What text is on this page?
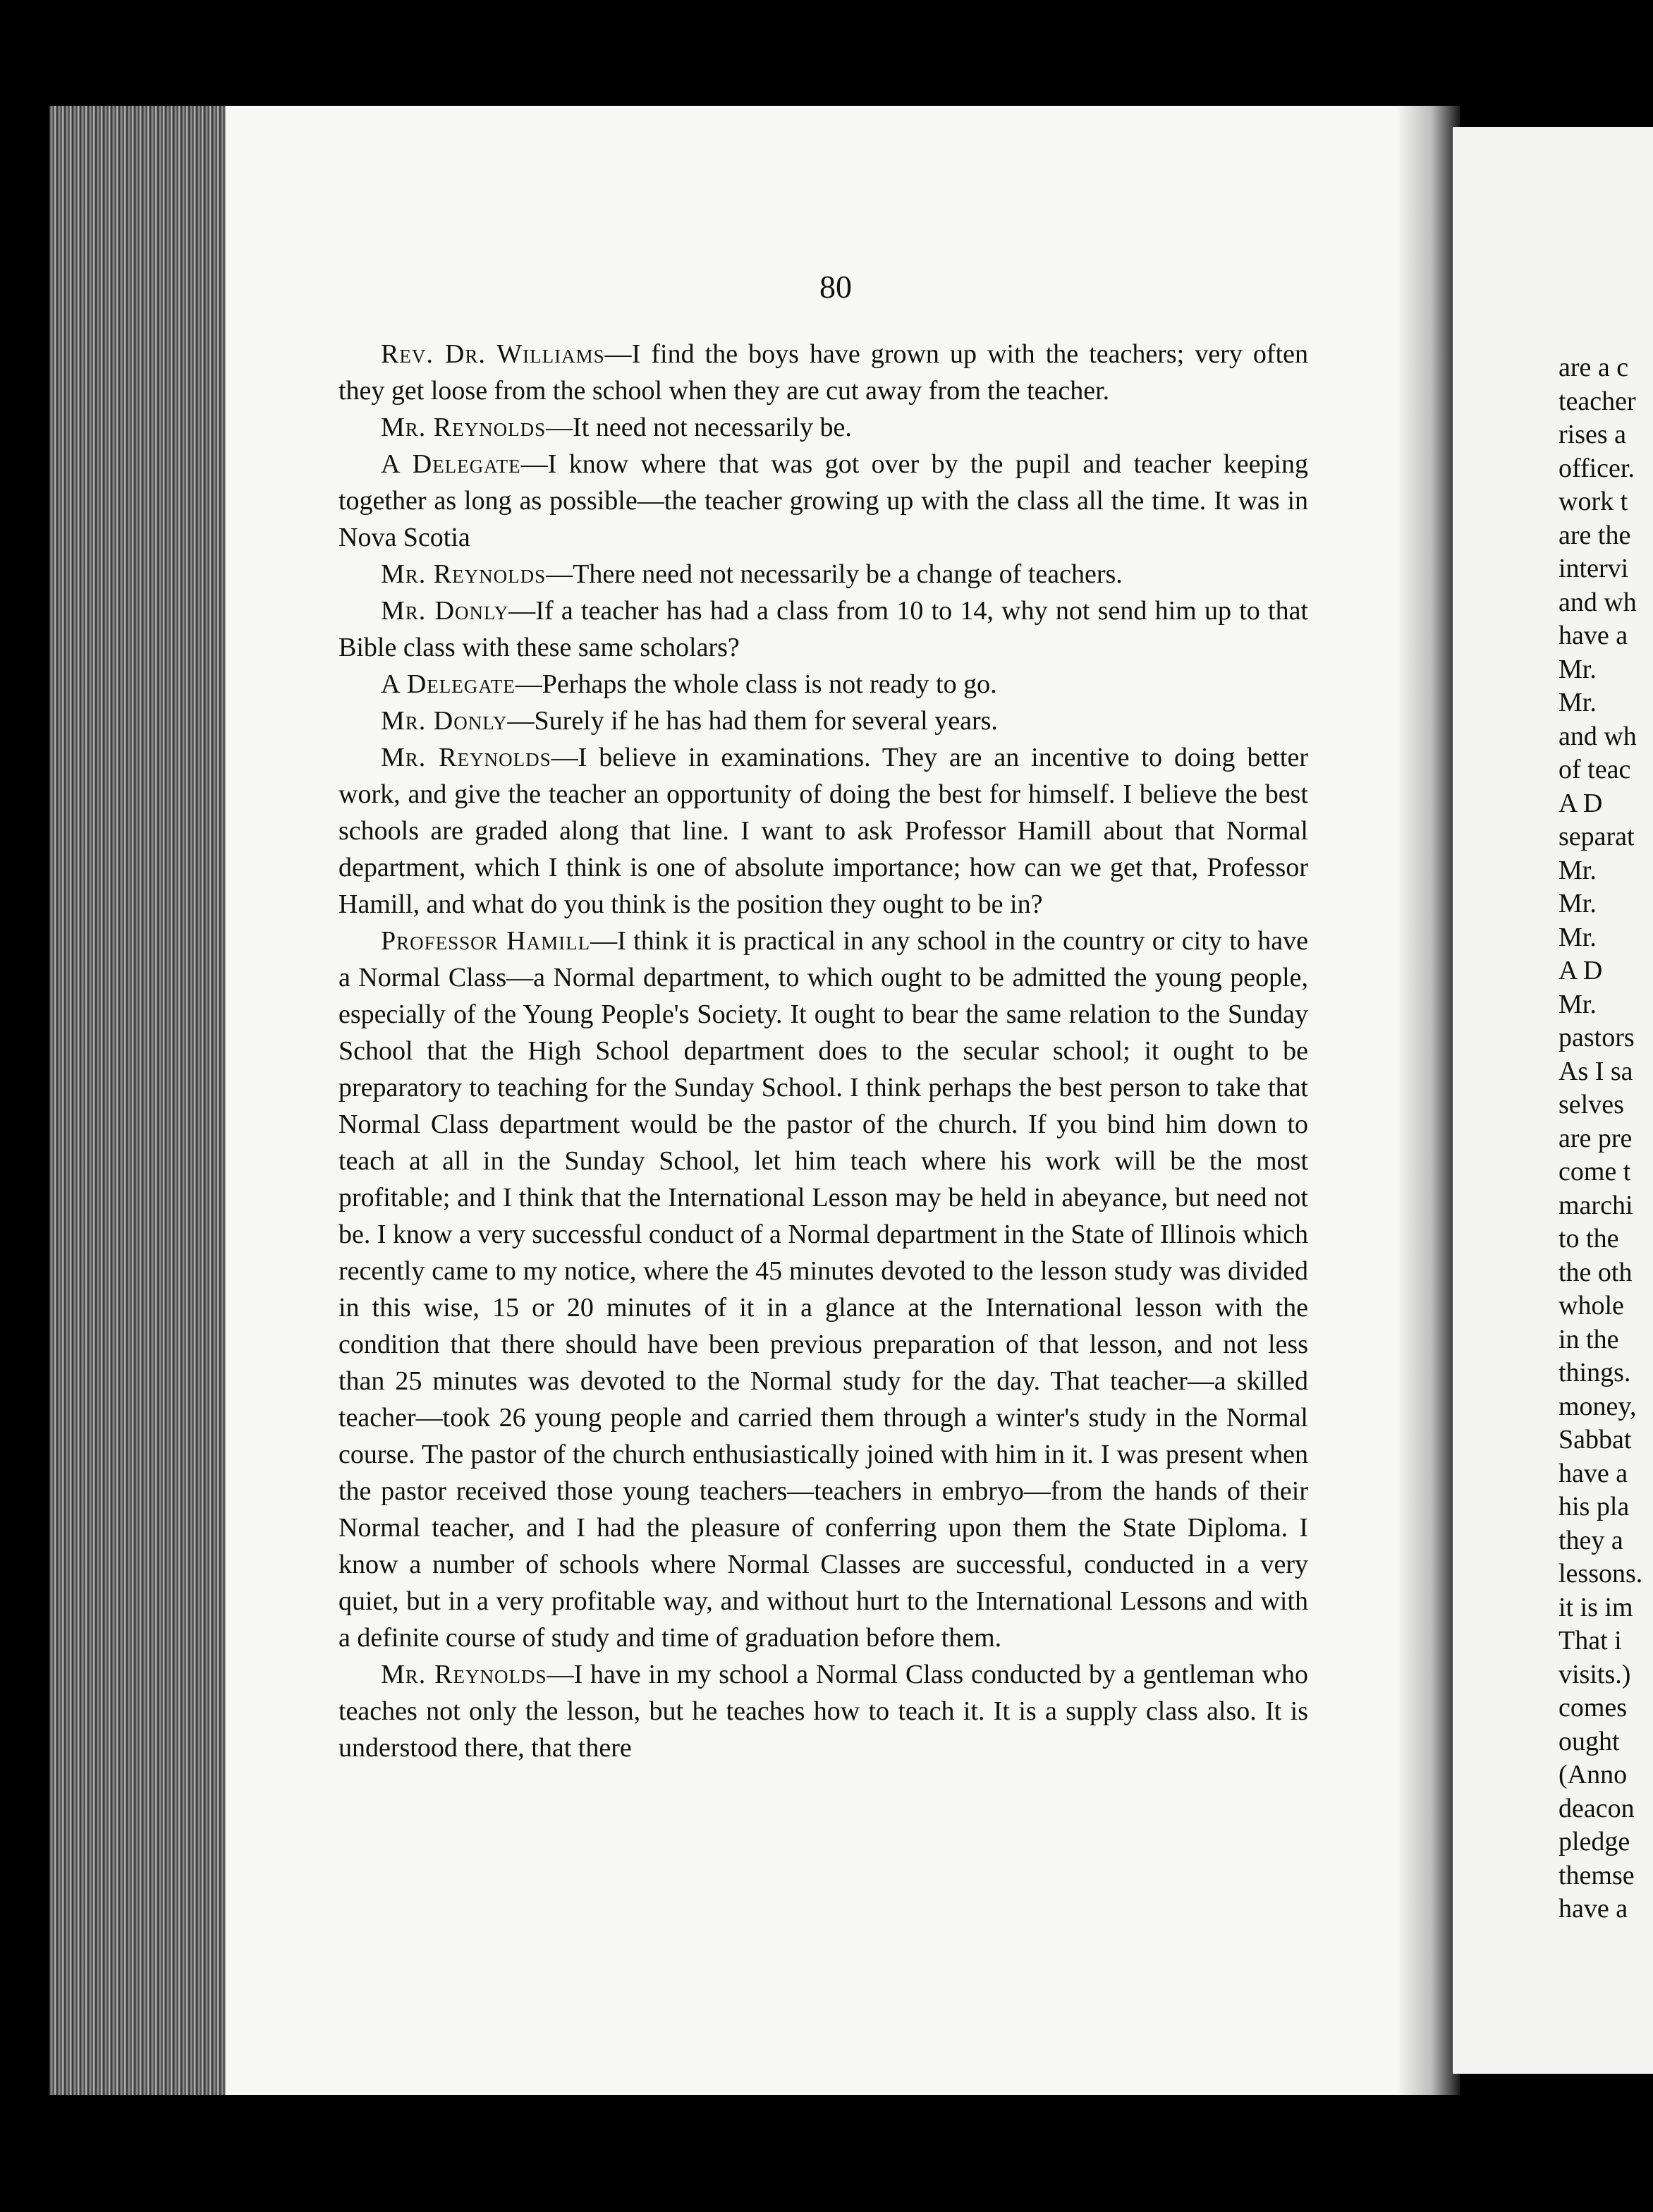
80

Rev. Dr. Williams—I find the boys have grown up with the teachers; very often they get loose from the school when they are cut away from the teacher.

Mr. Reynolds—It need not necessarily be.

A Delegate—I know where that was got over by the pupil and teacher keeping together as long as possible—the teacher growing up with the class all the time. It was in Nova Scotia

Mr. Reynolds—There need not necessarily be a change of teachers.

Mr. Donly—If a teacher has had a class from 10 to 14, why not send him up to that Bible class with these same scholars?

A Delegate—Perhaps the whole class is not ready to go.

Mr. Donly—Surely if he has had them for several years.

Mr. Reynolds—I believe in examinations. They are an incentive to doing better work, and give the teacher an opportunity of doing the best for himself. I believe the best schools are graded along that line. I want to ask Professor Hamill about that Normal department, which I think is one of absolute importance; how can we get that, Professor Hamill, and what do you think is the position they ought to be in?

Professor Hamill—I think it is practical in any school in the country or city to have a Normal Class—a Normal department, to which ought to be admitted the young people, especially of the Young People's Society. It ought to bear the same relation to the Sunday School that the High School department does to the secular school; it ought to be preparatory to teaching for the Sunday School. I think perhaps the best person to take that Normal Class department would be the pastor of the church. If you bind him down to teach at all in the Sunday School, let him teach where his work will be the most profitable; and I think that the International Lesson may be held in abeyance, but need not be. I know a very successful conduct of a Normal department in the State of Illinois which recently came to my notice, where the 45 minutes devoted to the lesson study was divided in this wise, 15 or 20 minutes of it in a glance at the International lesson with the condition that there should have been previous preparation of that lesson, and not less than 25 minutes was devoted to the Normal study for the day. That teacher—a skilled teacher—took 26 young people and carried them through a winter's study in the Normal course. The pastor of the church enthusiastically joined with him in it. I was present when the pastor received those young teachers—teachers in embryo—from the hands of their Normal teacher, and I had the pleasure of conferring upon them the State Diploma. I know a number of schools where Normal Classes are successful, conducted in a very quiet, but in a very profitable way, and without hurt to the International Lessons and with a definite course of study and time of graduation before them.

Mr. Reynolds—I have in my school a Normal Class conducted by a gentleman who teaches not only the lesson, but he teaches how to teach it. It is a supply class also. It is understood there, that there

are a c
teacher
rises a
officer.
work t
are the
intervi
and wh
have a
Mr.
Mr.
and wh
of teac
A D
separat
Mr.
Mr.
Mr.
A D
Mr.
pastors
As I sa
selves
are pre
come t
marchi
to the
the oth
whole
in the
things.
money,
Sabbat
have a
his pla
they a
lessons.
it is im
That i
visits.)
comes
ought
(Anno
deacon
pledge
themse
have a
